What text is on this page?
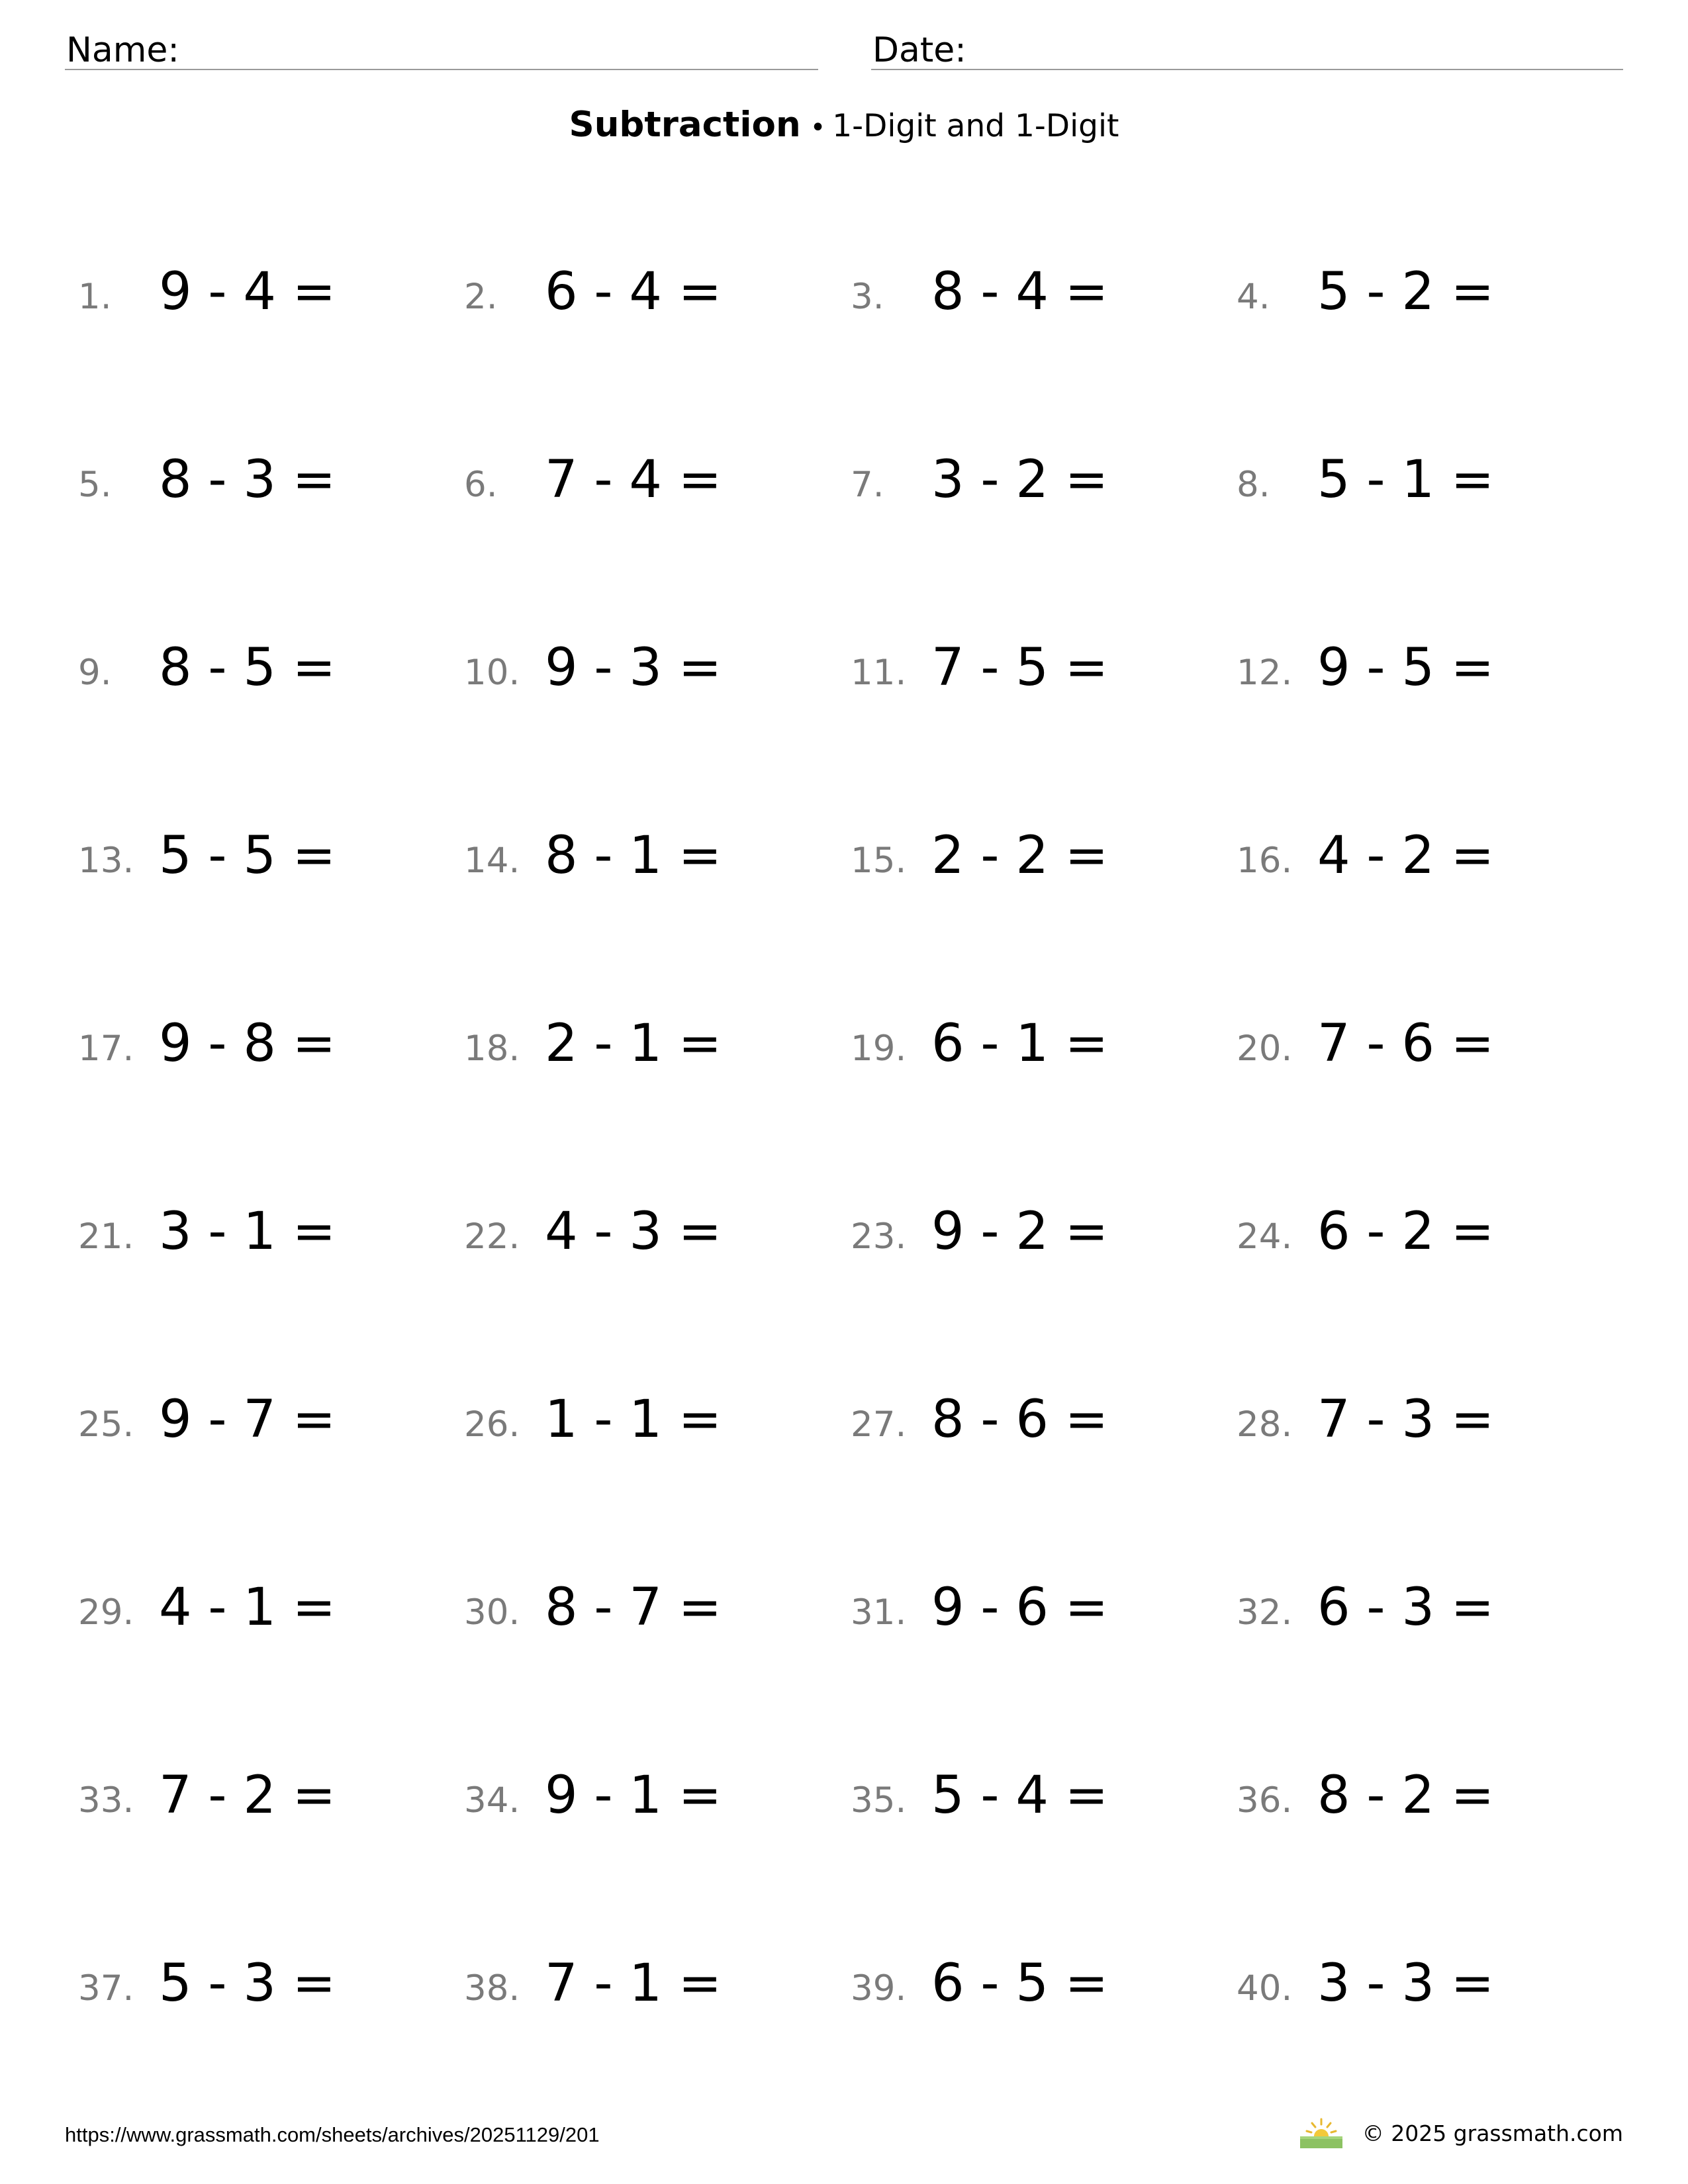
Name:	Date:
Subtraction • 1-Digit and 1-Digit
1. 9 - 4 =	2. 6 - 4 =	3. 8 - 4 =	4. 5 - 2 =
5. 8 - 3 =	6. 7 - 4 =	7. 3 - 2 =	8. 5 - 1 =
9. 8 - 5 =	10. 9 - 3 =	11. 7 - 5 =	12. 9 - 5 =
13. 5 - 5 =	14. 8 - 1 =	15. 2 - 2 =	16. 4 - 2 =
17. 9 - 8 =	18. 2 - 1 =	19. 6 - 1 =	20. 7 - 6 =
21. 3 - 1 =	22. 4 - 3 =	23. 9 - 2 =	24. 6 - 2 =
25. 9 - 7 =	26. 1 - 1 =	27. 8 - 6 =	28. 7 - 3 =
29. 4 - 1 =	30. 8 - 7 =	31. 9 - 6 =	32. 6 - 3 =
33. 7 - 2 =	34. 9 - 1 =	35. 5 - 4 =	36. 8 - 2 =
37. 5 - 3 =	38. 7 - 1 =	39. 6 - 5 =	40. 3 - 3 =
https://www.grassmath.com/sheets/archives/20251129/201	© 2025 grassmath.com
